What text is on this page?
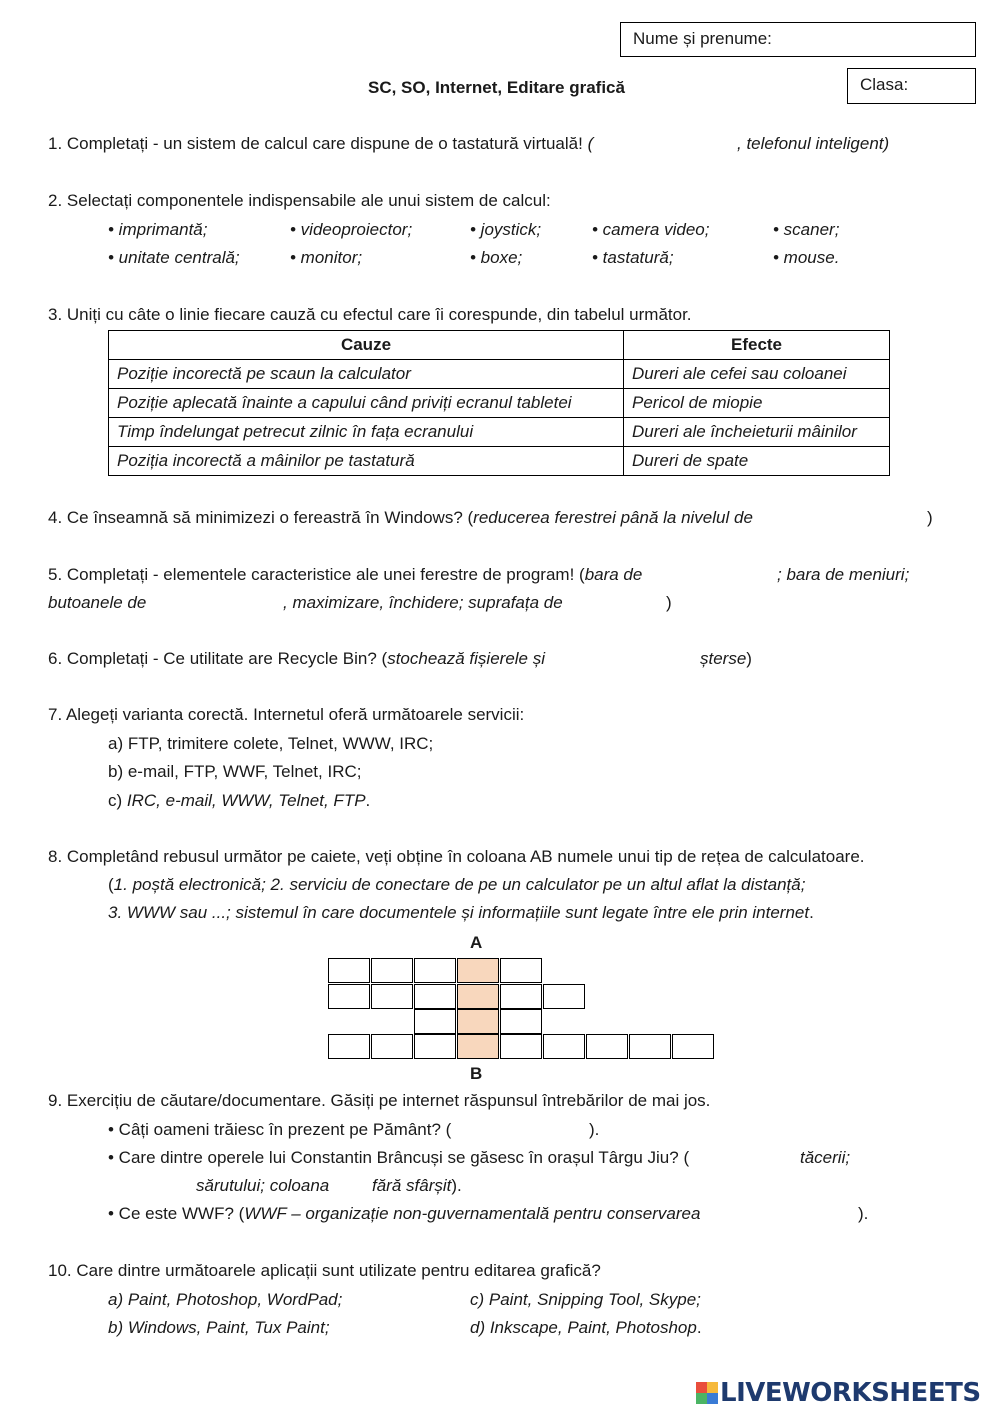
Nume și prenume:
Clasa:
SC, SO, Internet, Editare grafică
1. Completați - un sistem de calcul care dispune de o tastatură virtuală! (	, telefonul inteligent)
2. Selectați componentele indispensabile ale unui sistem de calcul:
• imprimantă;	• videoproiector;	• joystick;	• camera video;	• scaner;
• unitate centrală;	• monitor;	• boxe;	• tastatură;	• mouse.
3. Uniți cu câte o linie fiecare cauză cu efectul care îi corespunde, din tabelul următor.
Cauze	Efecte
Poziție incorectă pe scaun la calculator	Dureri ale cefei sau coloanei
Poziție aplecată înainte a capului când priviți ecranul tabletei	Pericol de miopie
Timp îndelungat petrecut zilnic în fața ecranului	Dureri ale încheieturii mâinilor
Poziția incorectă a mâinilor pe tastatură	Dureri de spate
4. Ce înseamnă să minimizezi o fereastră în Windows? (reducerea ferestrei până la nivelul de	)
5. Completați - elementele caracteristice ale unei ferestre de program! (bara de	; bara de meniuri;
butoanele de	, maximizare, închidere; suprafața de	)
6. Completați - Ce utilitate are Recycle Bin? (stochează fișierele și	șterse)
7. Alegeți varianta corectă. Internetul oferă următoarele servicii:
a) FTP, trimitere colete, Telnet, WWW, IRC;
b) e-mail, FTP, WWF, Telnet, IRC;
c) IRC, e-mail, WWW, Telnet, FTP.
8. Completând rebusul următor pe caiete, veți obține în coloana AB numele unui tip de rețea de calculatoare.
(1. poștă electronică; 2. serviciu de conectare de pe un calculator pe un altul aflat la distanță;
3. WWW sau ...; sistemul în care documentele și informațiile sunt legate între ele prin internet.
A
B
9. Exercițiu de căutare/documentare. Găsiți pe internet răspunsul întrebărilor de mai jos.
• Câți oameni trăiesc în prezent pe Pământ? (	).
• Care dintre operele lui Constantin Brâncuși se găsesc în orașul Târgu Jiu? (	tăcerii;
sărutului; coloana	fără sfârșit).
• Ce este WWF? (WWF – organizație non-guvernamentală pentru conservarea	).
10. Care dintre următoarele aplicații sunt utilizate pentru editarea grafică?
a) Paint, Photoshop, WordPad;	c) Paint, Snipping Tool, Skype;
b) Windows, Paint, Tux Paint;	d) Inkscape, Paint, Photoshop.
LIVEWORKSHEETS
